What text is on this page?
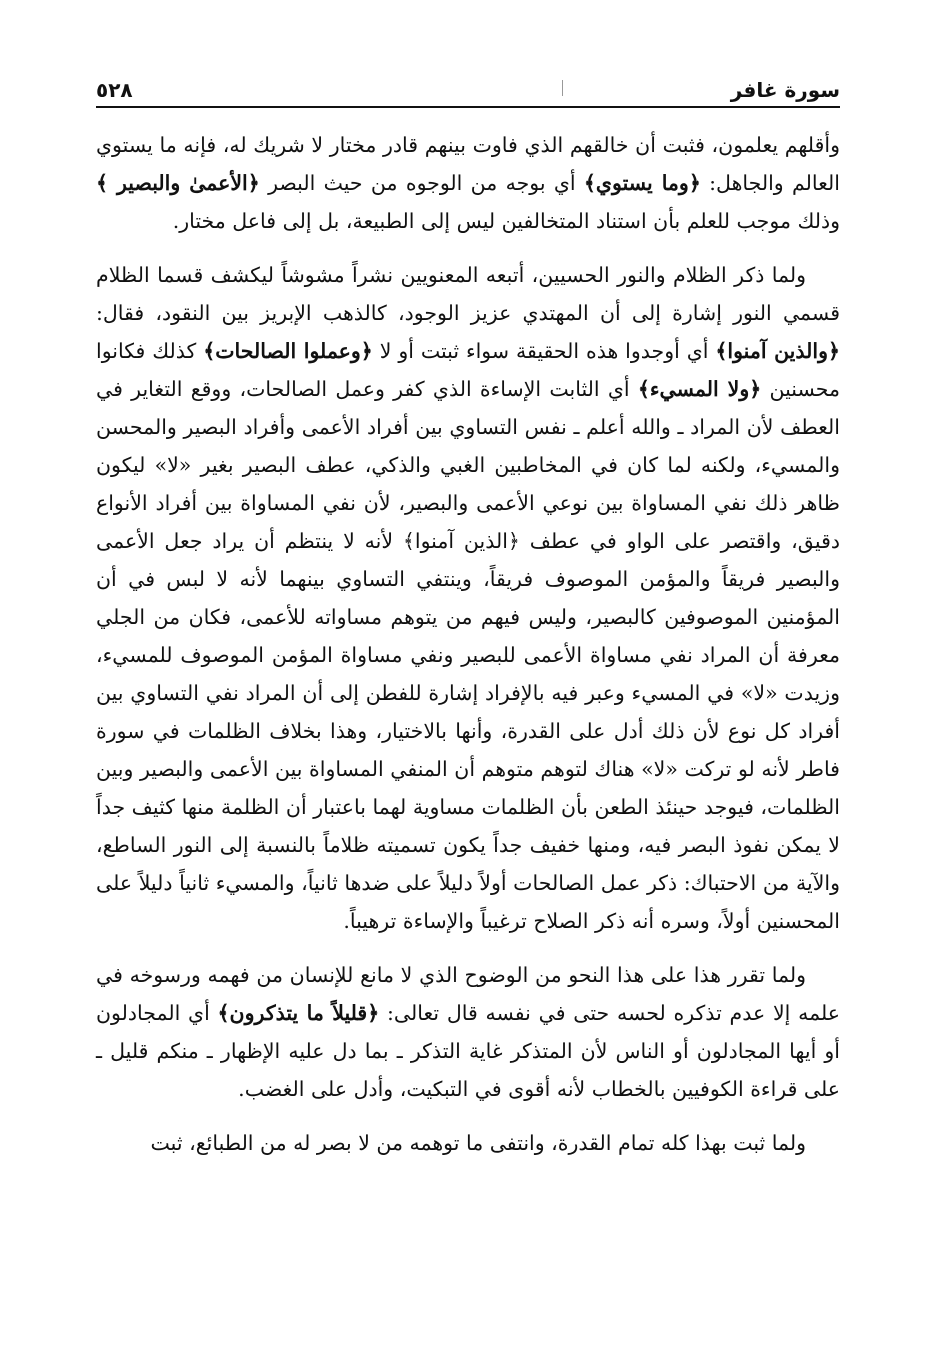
سورة غافر
٥٢٨

وأقلهم يعلمون، فثبت أن خالقهم الذي فاوت بينهم قادر مختار لا شريك له، فإنه ما يستوي العالم والجاهل: ﴿وما يستوي﴾ أي بوجه من الوجوه من حيث البصر ﴿الأعمىٰ والبصير ﴾ وذلك موجب للعلم بأن استناد المتخالفين ليس إلى الطبيعة، بل إلى فاعل مختار.

ولما ذكر الظلام والنور الحسيين، أتبعه المعنويين نشراً مشوشاً ليكشف قسما الظلام قسمي النور إشارة إلى أن المهتدي عزيز الوجود، كالذهب الإبريز بين النقود، فقال: ﴿والذين آمنوا﴾ أي أوجدوا هذه الحقيقة سواء ثبتت أو لا ﴿وعملوا الصالحات﴾ كذلك فكانوا محسنين ﴿ولا المسيء﴾ أي الثابت الإساءة الذي كفر وعمل الصالحات، ووقع التغاير في العطف لأن المراد ـ والله أعلم ـ نفس التساوي بين أفراد الأعمى وأفراد البصير والمحسن والمسيء، ولكنه لما كان في المخاطبين الغبي والذكي، عطف البصير بغير «لا» ليكون ظاهر ذلك نفي المساواة بين نوعي الأعمى والبصير، لأن نفي المساواة بين أفراد الأنواع دقيق، واقتصر على الواو في عطف ﴿الذين آمنوا﴾ لأنه لا ينتظم أن يراد جعل الأعمى والبصير فريقاً والمؤمن الموصوف فريقاً، وينتفي التساوي بينهما لأنه لا لبس في أن المؤمنين الموصوفين كالبصير، وليس فيهم من يتوهم مساواته للأعمى، فكان من الجلي معرفة أن المراد نفي مساواة الأعمى للبصير ونفي مساواة المؤمن الموصوف للمسيء، وزيدت «لا» في المسيء وعبر فيه بالإفراد إشارة للفطن إلى أن المراد نفي التساوي بين أفراد كل نوع لأن ذلك أدل على القدرة، وأنها بالاختيار، وهذا بخلاف الظلمات في سورة فاطر لأنه لو تركت «لا» هناك لتوهم متوهم أن المنفي المساواة بين الأعمى والبصير وبين الظلمات، فيوجد حينئذ الطعن بأن الظلمات مساوية لهما باعتبار أن الظلمة منها كثيف جداً لا يمكن نفوذ البصر فيه، ومنها خفيف جداً يكون تسميته ظلاماً بالنسبة إلى النور الساطع، والآية من الاحتباك: ذكر عمل الصالحات أولاً دليلاً على ضدها ثانياً، والمسيء ثانياً دليلاً على المحسنين أولاً، وسره أنه ذكر الصلاح ترغيباً والإساءة ترهيباً.

ولما تقرر هذا على هذا النحو من الوضوح الذي لا مانع للإنسان من فهمه ورسوخه في علمه إلا عدم تذكره لحسه حتى في نفسه قال تعالى: ﴿قليلاً ما يتذكرون﴾ أي المجادلون أو أيها المجادلون أو الناس لأن المتذكر غاية التذكر ـ بما دل عليه الإظهار ـ منكم قليل ـ على قراءة الكوفيين بالخطاب لأنه أقوى في التبكيت، وأدل على الغضب.

ولما ثبت بهذا كله تمام القدرة، وانتفى ما توهمه من لا بصر له من الطبائع، ثبت
